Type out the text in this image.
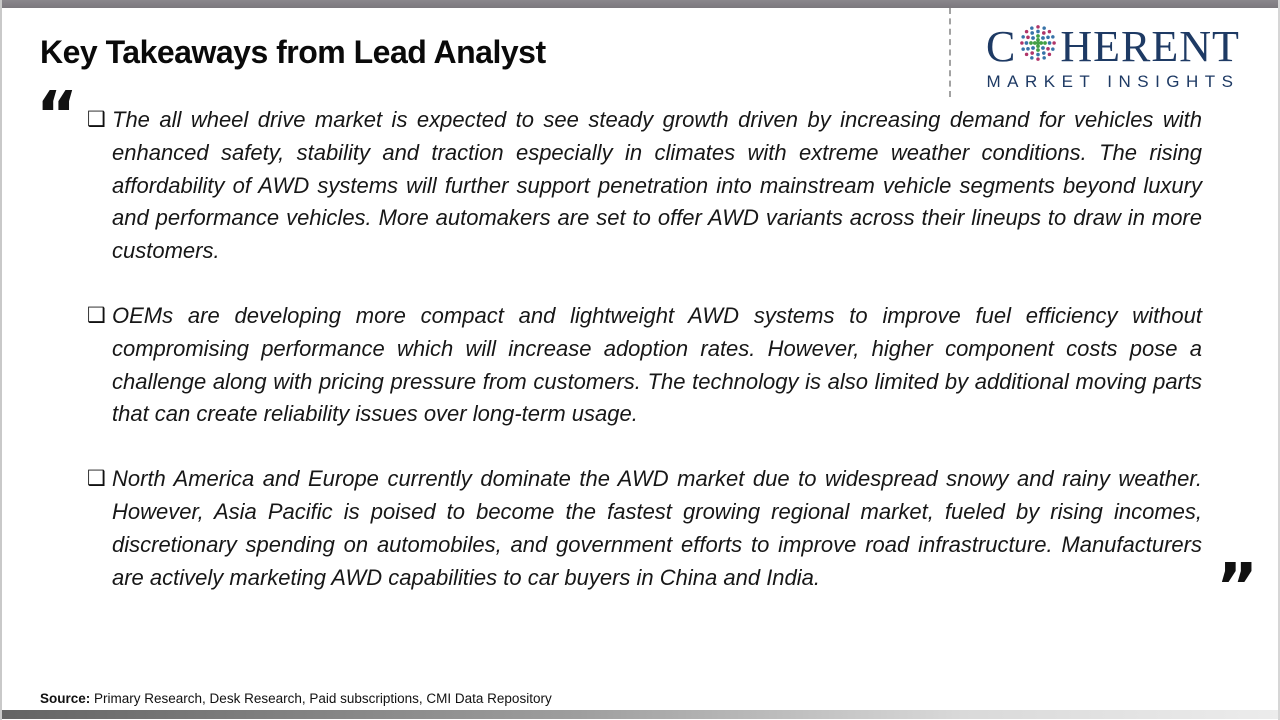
Key Takeaways from Lead Analyst	C HERENT
MARKET INSIGHTS
“ ❑ The all wheel drive market is expected to see steady growth driven by increasing demand for vehicles with enhanced safety, stability and traction especially in climates with extreme weather conditions. The rising affordability of AWD systems will further support penetration into mainstream vehicle segments beyond luxury and performance vehicles. More automakers are set to offer AWD variants across their lineups to draw in more customers.

❑ OEMs are developing more compact and lightweight AWD systems to improve fuel efficiency without compromising performance which will increase adoption rates. However, higher component costs pose a challenge along with pricing pressure from customers. The technology is also limited by additional moving parts that can create reliability issues over long-term usage.

❑ North America and Europe currently dominate the AWD market due to widespread snowy and rainy weather. However, Asia Pacific is poised to become the fastest growing regional market, fueled by rising incomes, discretionary spending on automobiles, and government efforts to improve road infrastructure. Manufacturers are actively marketing AWD capabilities to car buyers in China and India.	”
Source: Primary Research, Desk Research, Paid subscriptions, CMI Data Repository
